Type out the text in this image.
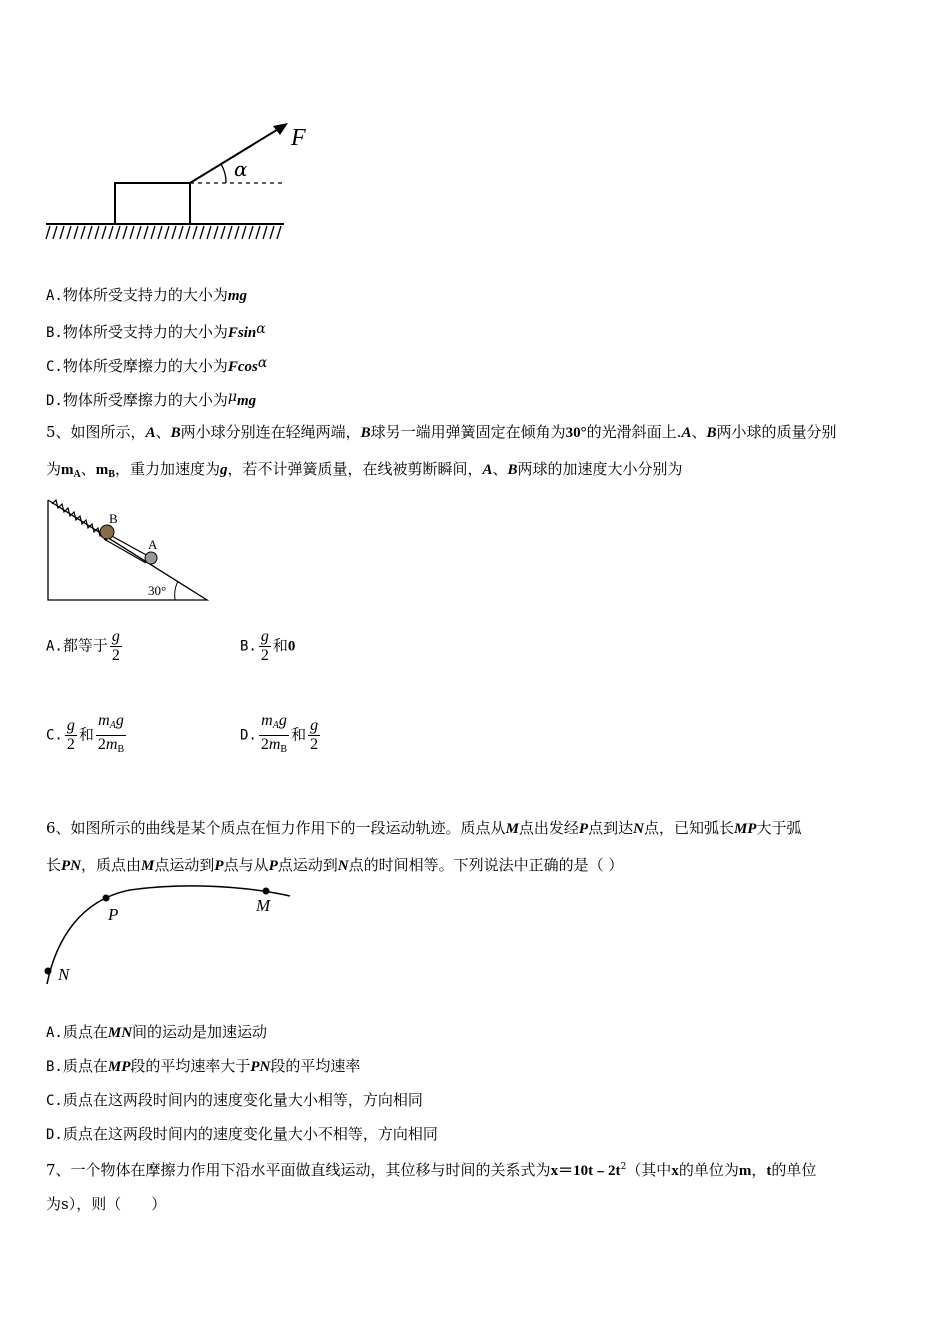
F
α
A.物体所受支持力的大小为mg
B.物体所受支持力的大小为Fsinα
C.物体所受摩擦力的大小为Fcosα
D.物体所受摩擦力的大小为μmg
5、如图所示，A、B两小球分别连在轻绳两端，B球另一端用弹簧固定在倾角为30°的光滑斜面上.A、B两小球的质量分别
为$m_A$、$m_B$，重力加速度为g，若不计弹簧质量，在线被剪断瞬间，A、B两球的加速度大小分别为
B
A
30°
A.都等于 $\frac{g}{2}$	B. $\frac{g}{2}$ 和0
C. $\frac{g}{2}$ 和 $\frac{m_Ag}{2m_B}$	D. $\frac{m_Ag}{2m_B}$ 和 $\frac{g}{2}$
6、如图所示的曲线是某个质点在恒力作用下的一段运动轨迹。质点从M点出发经P点到达N点，已知弧长MP大于弧
长PN，质点由M点运动到P点与从P点运动到N点的时间相等。下列说法中正确的是（ ）
P	M
N
A.质点在MN间的运动是加速运动
B.质点在MP段的平均速率大于PN段的平均速率
C.质点在这两段时间内的速度变化量大小相等，方向相同
D.质点在这两段时间内的速度变化量大小不相等，方向相同
7、一个物体在摩擦力作用下沿水平面做直线运动，其位移与时间的关系式为$x=10t﹣2t^2$（其中x的单位为m，t的单位
为s），则（　　）
